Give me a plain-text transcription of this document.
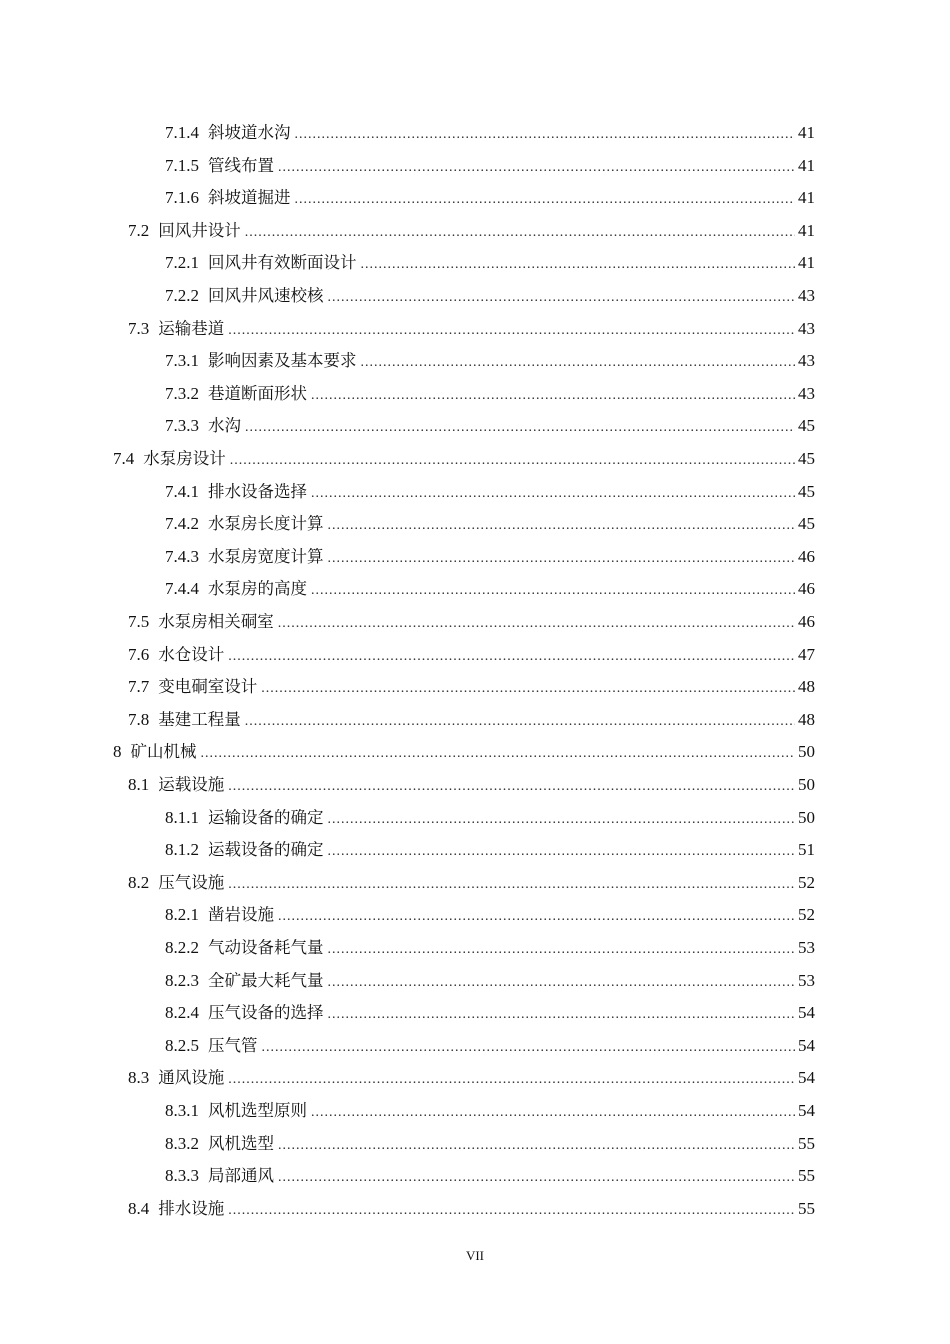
7.1.4 斜坡道水沟 .....	41
7.1.5 管线布置 .....	41
7.1.6 斜坡道掘进 .....	41
7.2 回风井设计 .....	41
7.2.1 回风井有效断面设计 .....	41
7.2.2 回风井风速校核 .....	43
7.3 运输巷道 .....	43
7.3.1 影响因素及基本要求 .....	43
7.3.2 巷道断面形状 .....	43
7.3.3 水沟 .....	45
7.4 水泵房设计 .....	45
7.4.1 排水设备选择 .....	45
7.4.2 水泵房长度计算 .....	45
7.4.3 水泵房宽度计算 .....	46
7.4.4 水泵房的高度 .....	46
7.5 水泵房相关硐室 .....	46
7.6 水仓设计 .....	47
7.7 变电硐室设计 .....	48
7.8 基建工程量 .....	48
8 矿山机械 .....	50
8.1 运载设施 .....	50
8.1.1 运输设备的确定 .....	50
8.1.2 运载设备的确定 .....	51
8.2 压气设施 .....	52
8.2.1 凿岩设施 .....	52
8.2.2 气动设备耗气量 .....	53
8.2.3 全矿最大耗气量 .....	53
8.2.4 压气设备的选择 .....	54
8.2.5 压气管 .....	54
8.3 通风设施 .....	54
8.3.1 风机选型原则 .....	54
8.3.2 风机选型 .....	55
8.3.3 局部通风 .....	55
8.4 排水设施 .....	55
VII
